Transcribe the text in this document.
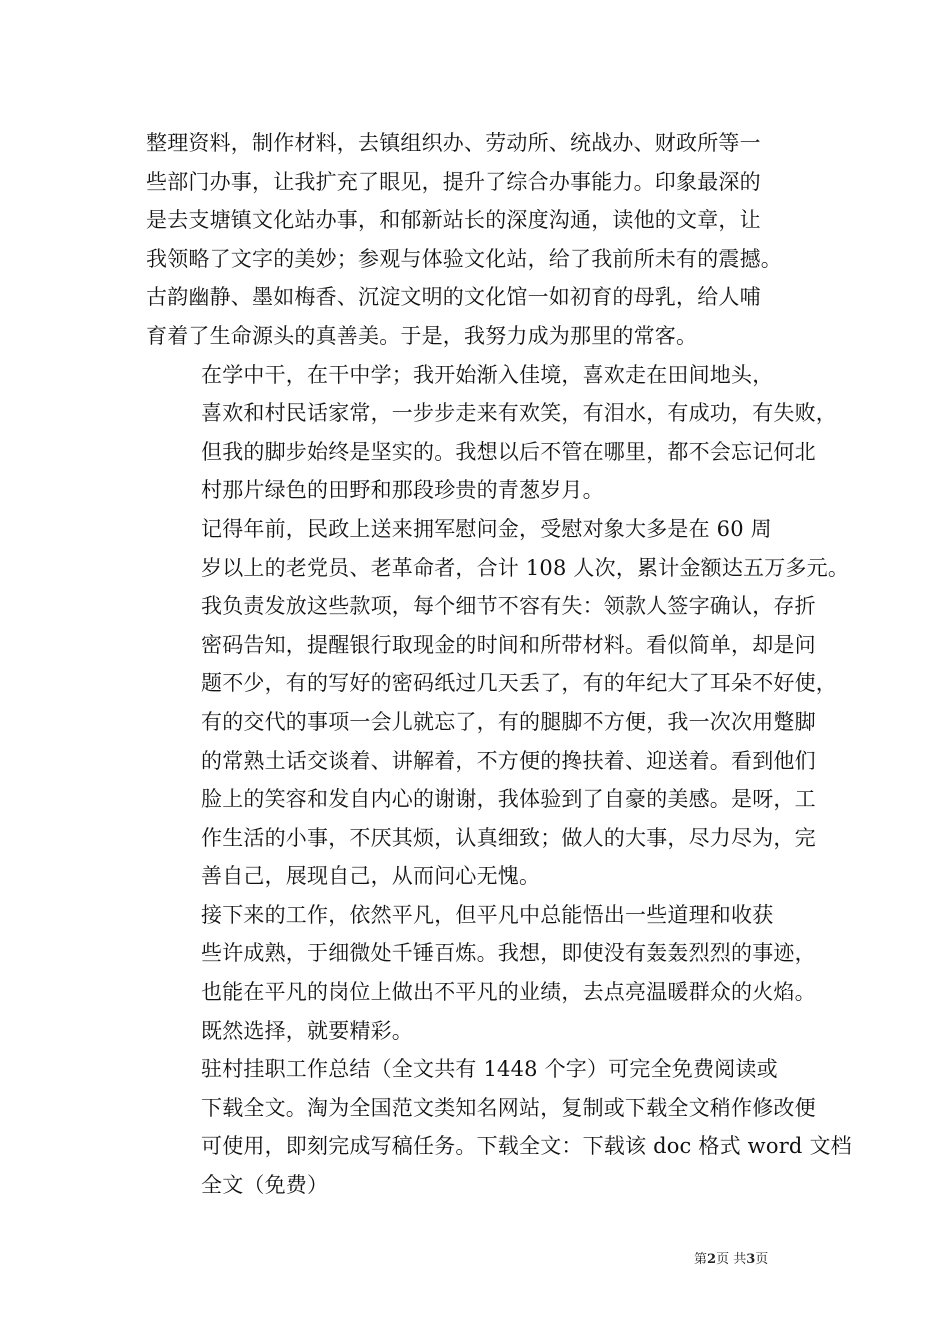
整理资料，制作材料，去镇组织办、劳动所、统战办、财政所等一
些部门办事，让我扩充了眼见，提升了综合办事能力。印象最深的
是去支塘镇文化站办事，和郁新站长的深度沟通，读他的文章，让
我领略了文字的美妙；参观与体验文化站，给了我前所未有的震撼。
古韵幽静、墨如梅香、沉淀文明的文化馆一如初育的母乳，给人哺
育着了生命源头的真善美。于是，我努力成为那里的常客。

在学中干，在干中学；我开始渐入佳境，喜欢走在田间地头，
喜欢和村民话家常，一步步走来有欢笑，有泪水，有成功，有失败，
但我的脚步始终是坚实的。我想以后不管在哪里，都不会忘记何北
村那片绿色的田野和那段珍贵的青葱岁月。

记得年前，民政上送来拥军慰问金，受慰对象大多是在 60 周
岁以上的老党员、老革命者，合计 108 人次，累计金额达五万多元。
我负责发放这些款项，每个细节不容有失：领款人签字确认，存折
密码告知，提醒银行取现金的时间和所带材料。看似简单，却是问
题不少，有的写好的密码纸过几天丢了，有的年纪大了耳朵不好使，
有的交代的事项一会儿就忘了，有的腿脚不方便，我一次次用蹩脚
的常熟土话交谈着、讲解着，不方便的搀扶着、迎送着。看到他们
脸上的笑容和发自内心的谢谢，我体验到了自豪的美感。是呀，工
作生活的小事，不厌其烦，认真细致；做人的大事，尽力尽为，完
善自己，展现自己，从而问心无愧。

接下来的工作，依然平凡，但平凡中总能悟出一些道理和收获
些许成熟，于细微处千锤百炼。我想，即使没有轰轰烈烈的事迹，
也能在平凡的岗位上做出不平凡的业绩，去点亮温暖群众的火焰。

既然选择，就要精彩。

驻村挂职工作总结（全文共有 1448 个字）可完全免费阅读或
下载全文。淘为全国范文类知名网站，复制或下载全文稍作修改便
可使用，即刻完成写稿任务。下载全文：下载该 doc 格式 word 文档
全文（免费）

第2页 共3页
